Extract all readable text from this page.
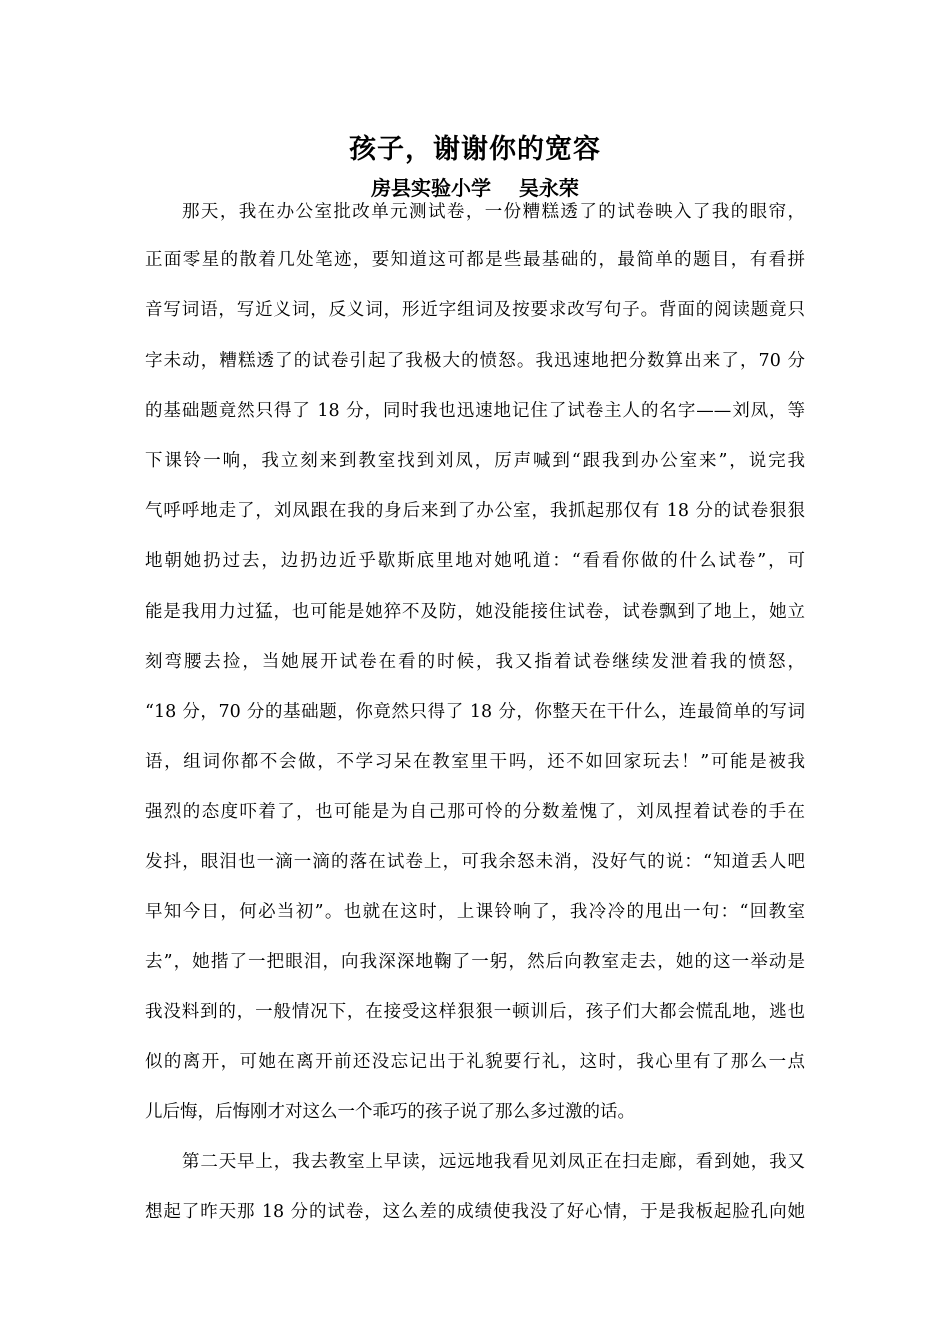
孩子，谢谢你的宽容
房县实验小学    吴永荣
那天，我在办公室批改单元测试卷，一份糟糕透了的试卷映入了我的眼帘，
正面零星的散着几处笔迹，要知道这可都是些最基础的，最简单的题目，有看拼
音写词语，写近义词，反义词，形近字组词及按要求改写句子。背面的阅读题竟只
字未动，糟糕透了的试卷引起了我极大的愤怒。我迅速地把分数算出来了，70 分
的基础题竟然只得了 18 分，同时我也迅速地记住了试卷主人的名字——刘凤，等
下课铃一响，我立刻来到教室找到刘凤，厉声喊到“跟我到办公室来”，说完我
气呼呼地走了，刘凤跟在我的身后来到了办公室，我抓起那仅有 18 分的试卷狠狠
地朝她扔过去，边扔边近乎歇斯底里地对她吼道：“看看你做的什么试卷”，可
能是我用力过猛，也可能是她猝不及防，她没能接住试卷，试卷飘到了地上，她立
刻弯腰去捡，当她展开试卷在看的时候，我又指着试卷继续发泄着我的愤怒，
“18 分，70 分的基础题，你竟然只得了 18 分，你整天在干什么，连最简单的写词
语，组词你都不会做，不学习呆在教室里干吗，还不如回家玩去！”可能是被我
强烈的态度吓着了，也可能是为自己那可怜的分数羞愧了，刘凤捏着试卷的手在
发抖，眼泪也一滴一滴的落在试卷上，可我余怒未消，没好气的说：“知道丢人吧
早知今日，何必当初”。也就在这时，上课铃响了，我冷冷的甩出一句：“回教室
去”，她揩了一把眼泪，向我深深地鞠了一躬，然后向教室走去，她的这一举动是
我没料到的，一般情况下，在接受这样狠狠一顿训后，孩子们大都会慌乱地，逃也
似的离开，可她在离开前还没忘记出于礼貌要行礼，这时，我心里有了那么一点
儿后悔，后悔刚才对这么一个乖巧的孩子说了那么多过激的话。
第二天早上，我去教室上早读，远远地我看见刘凤正在扫走廊，看到她，我又
想起了昨天那 18 分的试卷，这么差的成绩使我没了好心情，于是我板起脸孔向她
